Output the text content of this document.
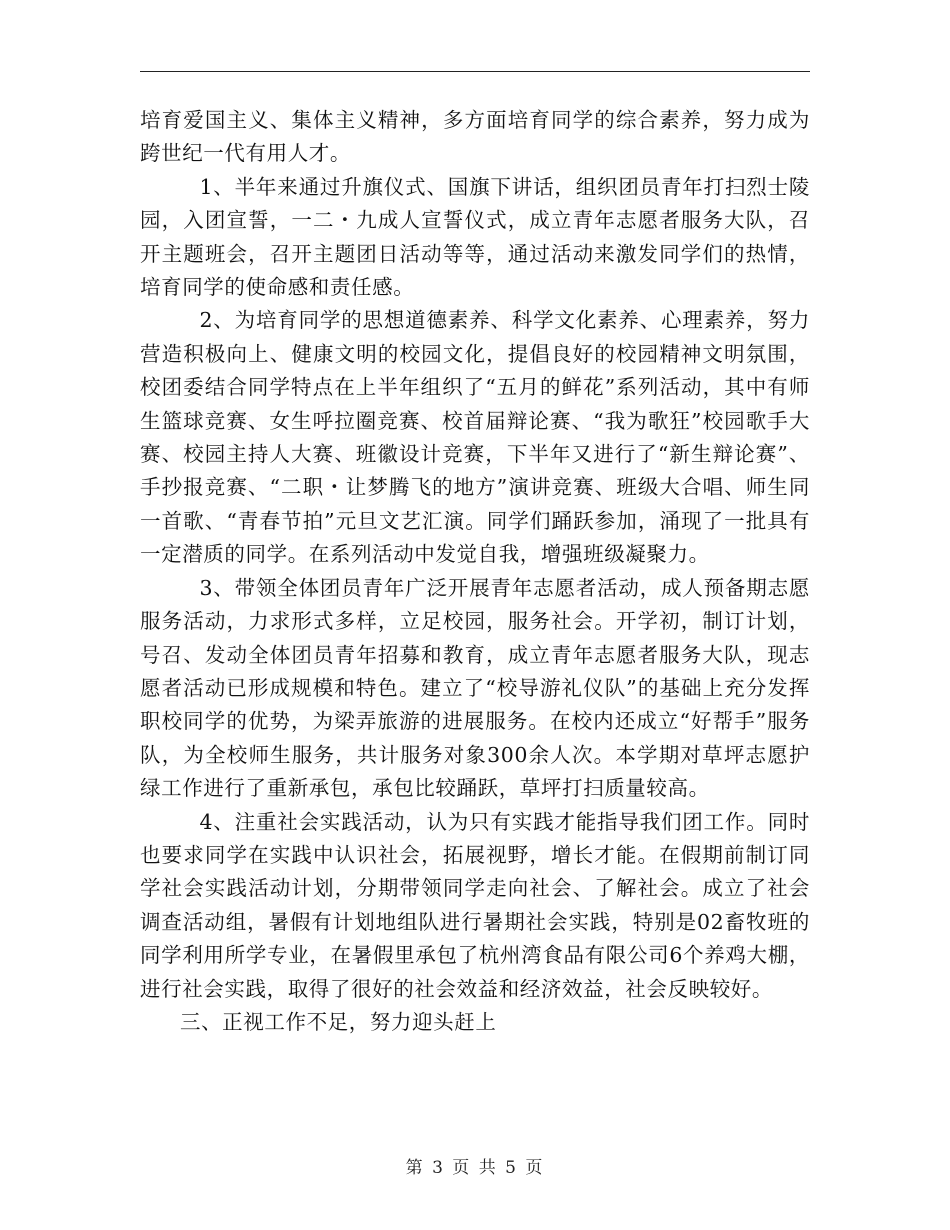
培育爱国主义、集体主义精神，多方面培育同学的综合素养，努力成为跨世纪一代有用人才。

1、半年来通过升旗仪式、国旗下讲话，组织团员青年打扫烈士陵园，入团宣誓，一二・九成人宣誓仪式，成立青年志愿者服务大队，召开主题班会，召开主题团日活动等等，通过活动来激发同学们的热情，培育同学的使命感和责任感。

2、为培育同学的思想道德素养、科学文化素养、心理素养，努力营造积极向上、健康文明的校园文化，提倡良好的校园精神文明氛围，校团委结合同学特点在上半年组织了“五月的鲜花”系列活动，其中有师生篮球竞赛、女生呼拉圈竞赛、校首届辩论赛、“我为歌狂”校园歌手大赛、校园主持人大赛、班徽设计竞赛，下半年又进行了“新生辩论赛”、手抄报竞赛、“二职・让梦腾飞的地方”演讲竞赛、班级大合唱、师生同一首歌、“青春节拍”元旦文艺汇演。同学们踊跃参加，涌现了一批具有一定潜质的同学。在系列活动中发觉自我，增强班级凝聚力。

3、带领全体团员青年广泛开展青年志愿者活动，成人预备期志愿服务活动，力求形式多样，立足校园，服务社会。开学初，制订计划，号召、发动全体团员青年招募和教育，成立青年志愿者服务大队，现志愿者活动已形成规模和特色。建立了“校导游礼仪队”的基础上充分发挥职校同学的优势，为梁弄旅游的进展服务。在校内还成立“好帮手”服务队，为全校师生服务，共计服务对象300余人次。本学期对草坪志愿护绿工作进行了重新承包，承包比较踊跃，草坪打扫质量较高。

4、注重社会实践活动，认为只有实践才能指导我们团工作。同时也要求同学在实践中认识社会，拓展视野，增长才能。在假期前制订同学社会实践活动计划，分期带领同学走向社会、了解社会。成立了社会调查活动组，暑假有计划地组队进行暑期社会实践，特别是02畜牧班的同学利用所学专业，在暑假里承包了杭州湾食品有限公司6个养鸡大棚，进行社会实践，取得了很好的社会效益和经济效益，社会反映较好。

三、正视工作不足，努力迎头赶上

第 3 页 共 5 页
